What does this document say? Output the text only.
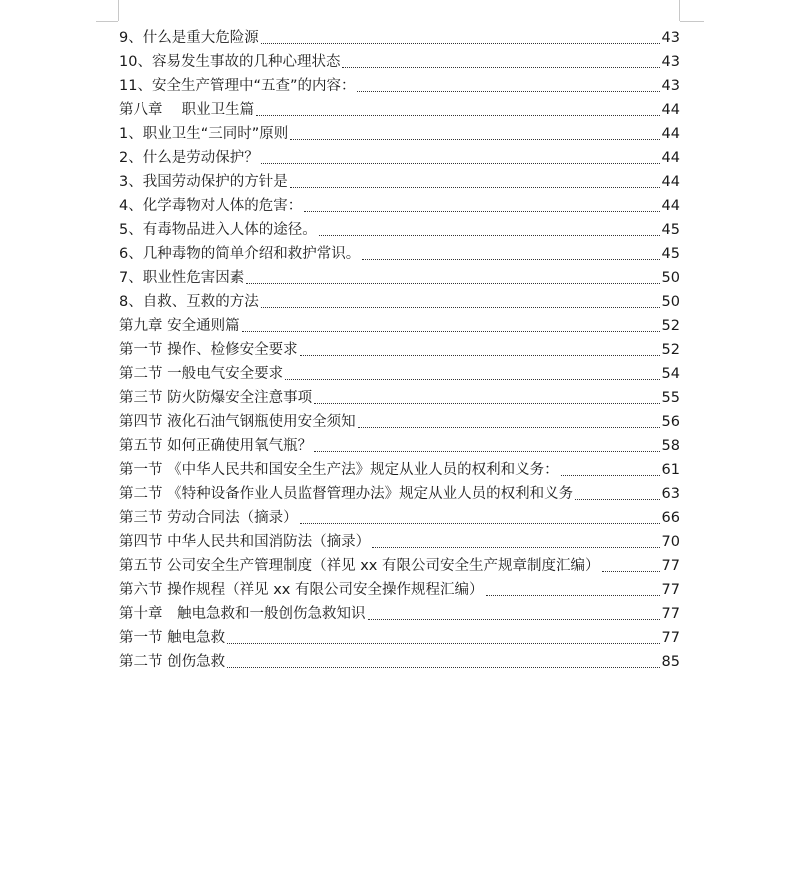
9、什么是重大危险源	43
10、容易发生事故的几种心理状态	43
11、安全生产管理中“五查”的内容：	43
第八章　 职业卫生篇	44
1、职业卫生“三同时”原则	44
2、什么是劳动保护？	44
3、我国劳动保护的方针是	44
4、化学毒物对人体的危害：	44
5、有毒物品进入人体的途径。	45
6、几种毒物的简单介绍和救护常识。	45
7、职业性危害因素	50
8、自救、互救的方法	50
第九章 安全通则篇	52
第一节 操作、检修安全要求	52
第二节 一般电气安全要求	54
第三节 防火防爆安全注意事项	55
第四节 液化石油气钢瓶使用安全须知	56
第五节 如何正确使用氧气瓶？	58
第一节 《中华人民共和国安全生产法》规定从业人员的权利和义务：	61
第二节 《特种设备作业人员监督管理办法》规定从业人员的权利和义务	63
第三节 劳动合同法（摘录）	66
第四节 中华人民共和国消防法（摘录）	70
第五节 公司安全生产管理制度（祥见 xx 有限公司安全生产规章制度汇编）	77
第六节 操作规程（祥见 xx 有限公司安全操作规程汇编）	77
第十章　触电急救和一般创伤急救知识	77
第一节 触电急救	77
第二节 创伤急救	85
